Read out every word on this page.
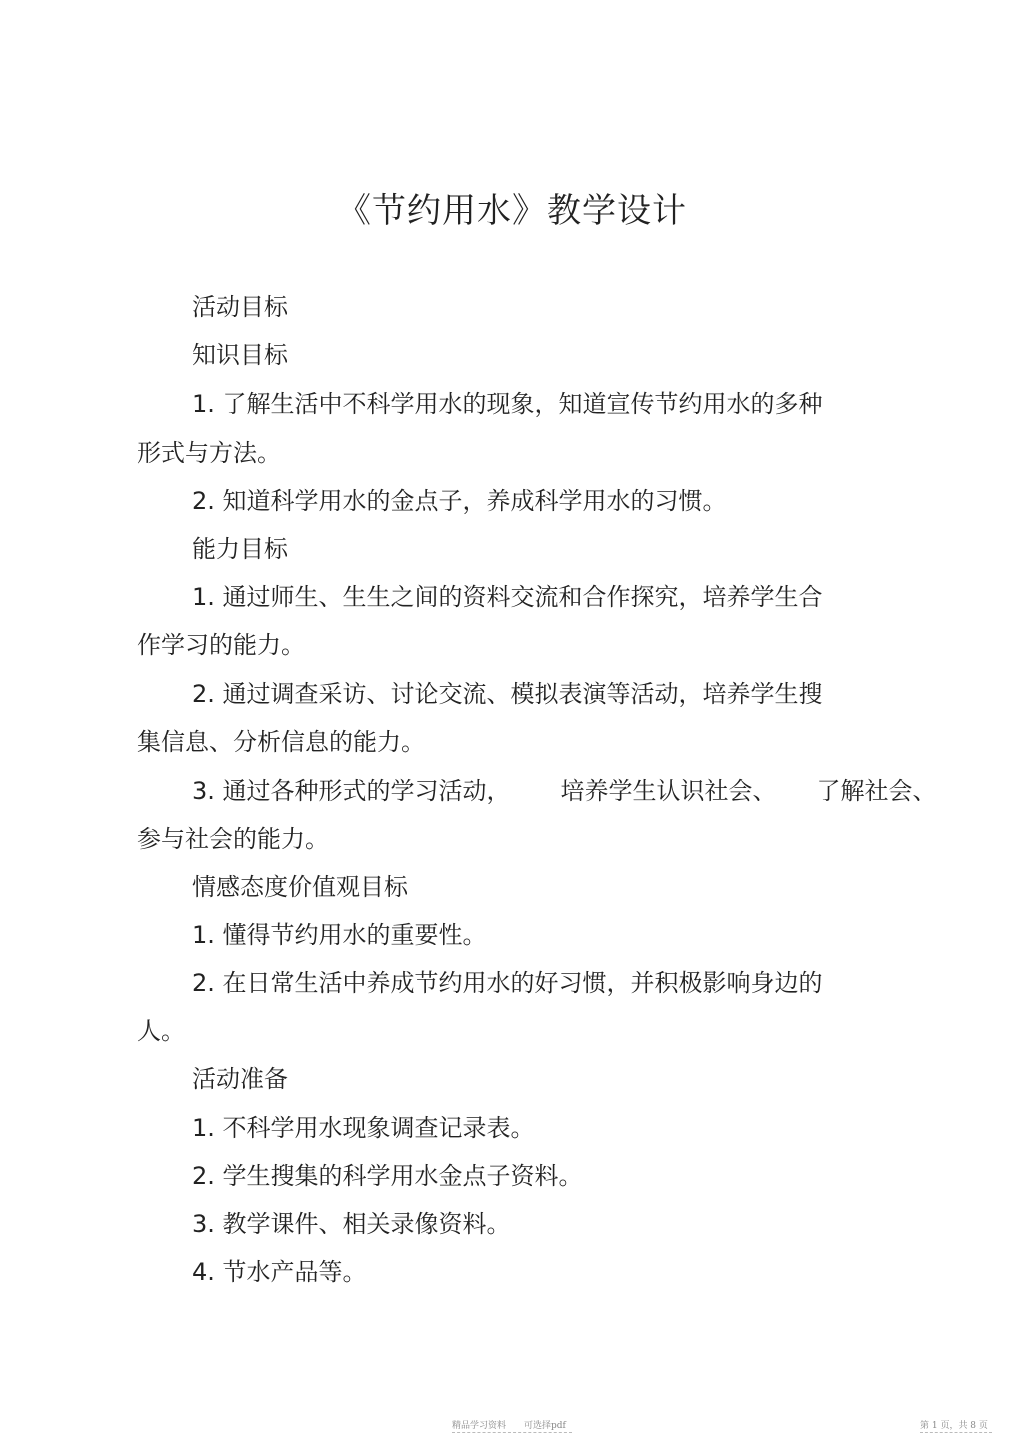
《节约用水》教学设计
活动目标
知识目标
1. 了解生活中不科学用水的现象，知道宣传节约用水的多种
形式与方法。
2. 知道科学用水的金点子，养成科学用水的习惯。
能力目标
1. 通过师生、生生之间的资料交流和合作探究，培养学生合
作学习的能力。
2. 通过调查采访、讨论交流、模拟表演等活动，培养学生搜
集信息、分析信息的能力。
3. 通过各种形式的学习活动， 培养学生认识社会、 了解社会、
参与社会的能力。
情感态度价值观目标
1. 懂得节约用水的重要性。
2. 在日常生活中养成节约用水的好习惯，并积极影响身边的
人。
活动准备
1. 不科学用水现象调查记录表。
2. 学生搜集的科学用水金点子资料。
3. 教学课件、相关录像资料。
4. 节水产品等。
精品学习资料　　可选择pdf	第 1 页，共 8 页
